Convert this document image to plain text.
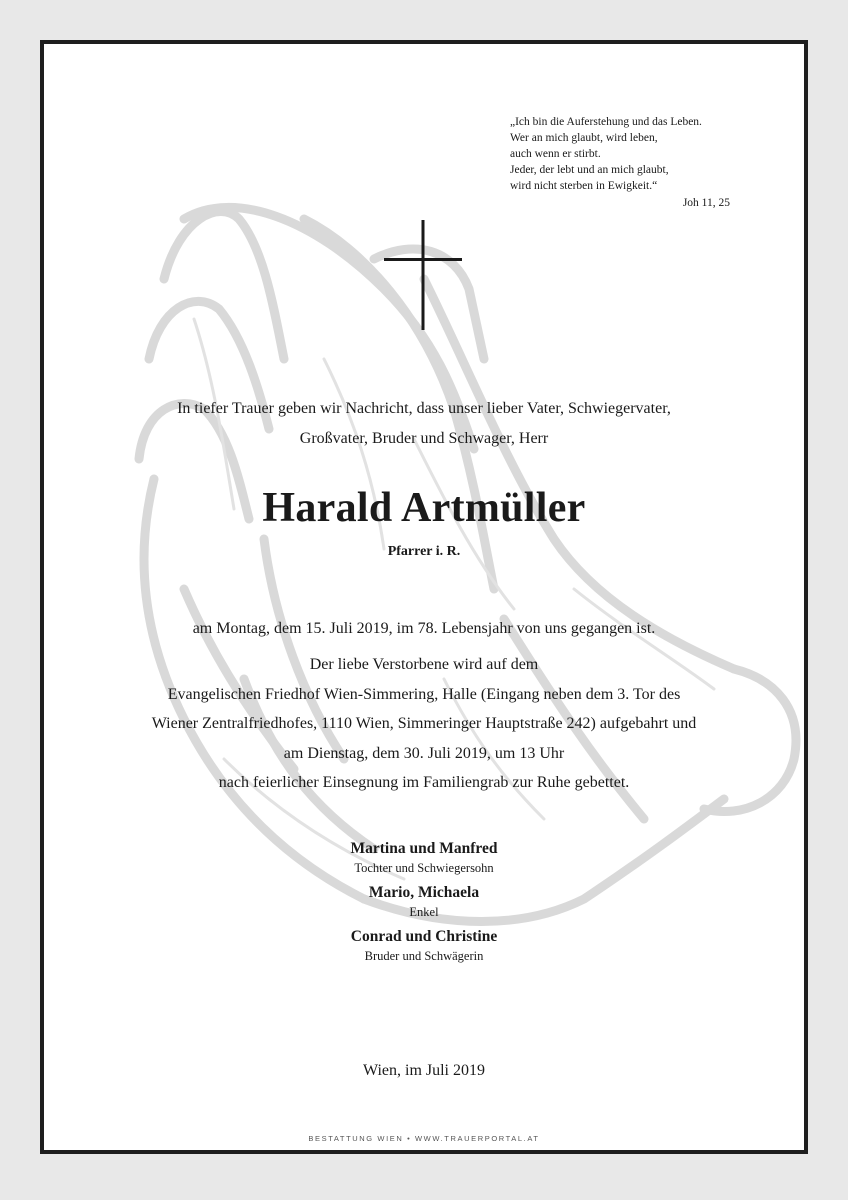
„Ich bin die Auferstehung und das Leben.
Wer an mich glaubt, wird leben,
auch wenn er stirbt.
Jeder, der lebt und an mich glaubt,
wird nicht sterben in Ewigkeit.“
Joh 11, 25
In tiefer Trauer geben wir Nachricht, dass unser lieber Vater, Schwiegervater,
Großvater, Bruder und Schwager, Herr
Harald Artmüller
Pfarrer i. R.
am Montag, dem 15. Juli 2019, im 78. Lebensjahr von uns gegangen ist.
Der liebe Verstorbene wird auf dem
Evangelischen Friedhof Wien-Simmering, Halle (Eingang neben dem 3. Tor des
Wiener Zentralfriedhofes, 1110 Wien, Simmeringer Hauptstraße 242) aufgebahrt und
am Dienstag, dem 30. Juli 2019, um 13 Uhr
nach feierlicher Einsegnung im Familiengrab zur Ruhe gebettet.
Martina und Manfred
Tochter und Schwiegersohn
Mario, Michaela
Enkel
Conrad und Christine
Bruder und Schwägerin
Wien, im Juli 2019
BESTATTUNG WIEN • WWW.TRAUERPORTAL.AT
